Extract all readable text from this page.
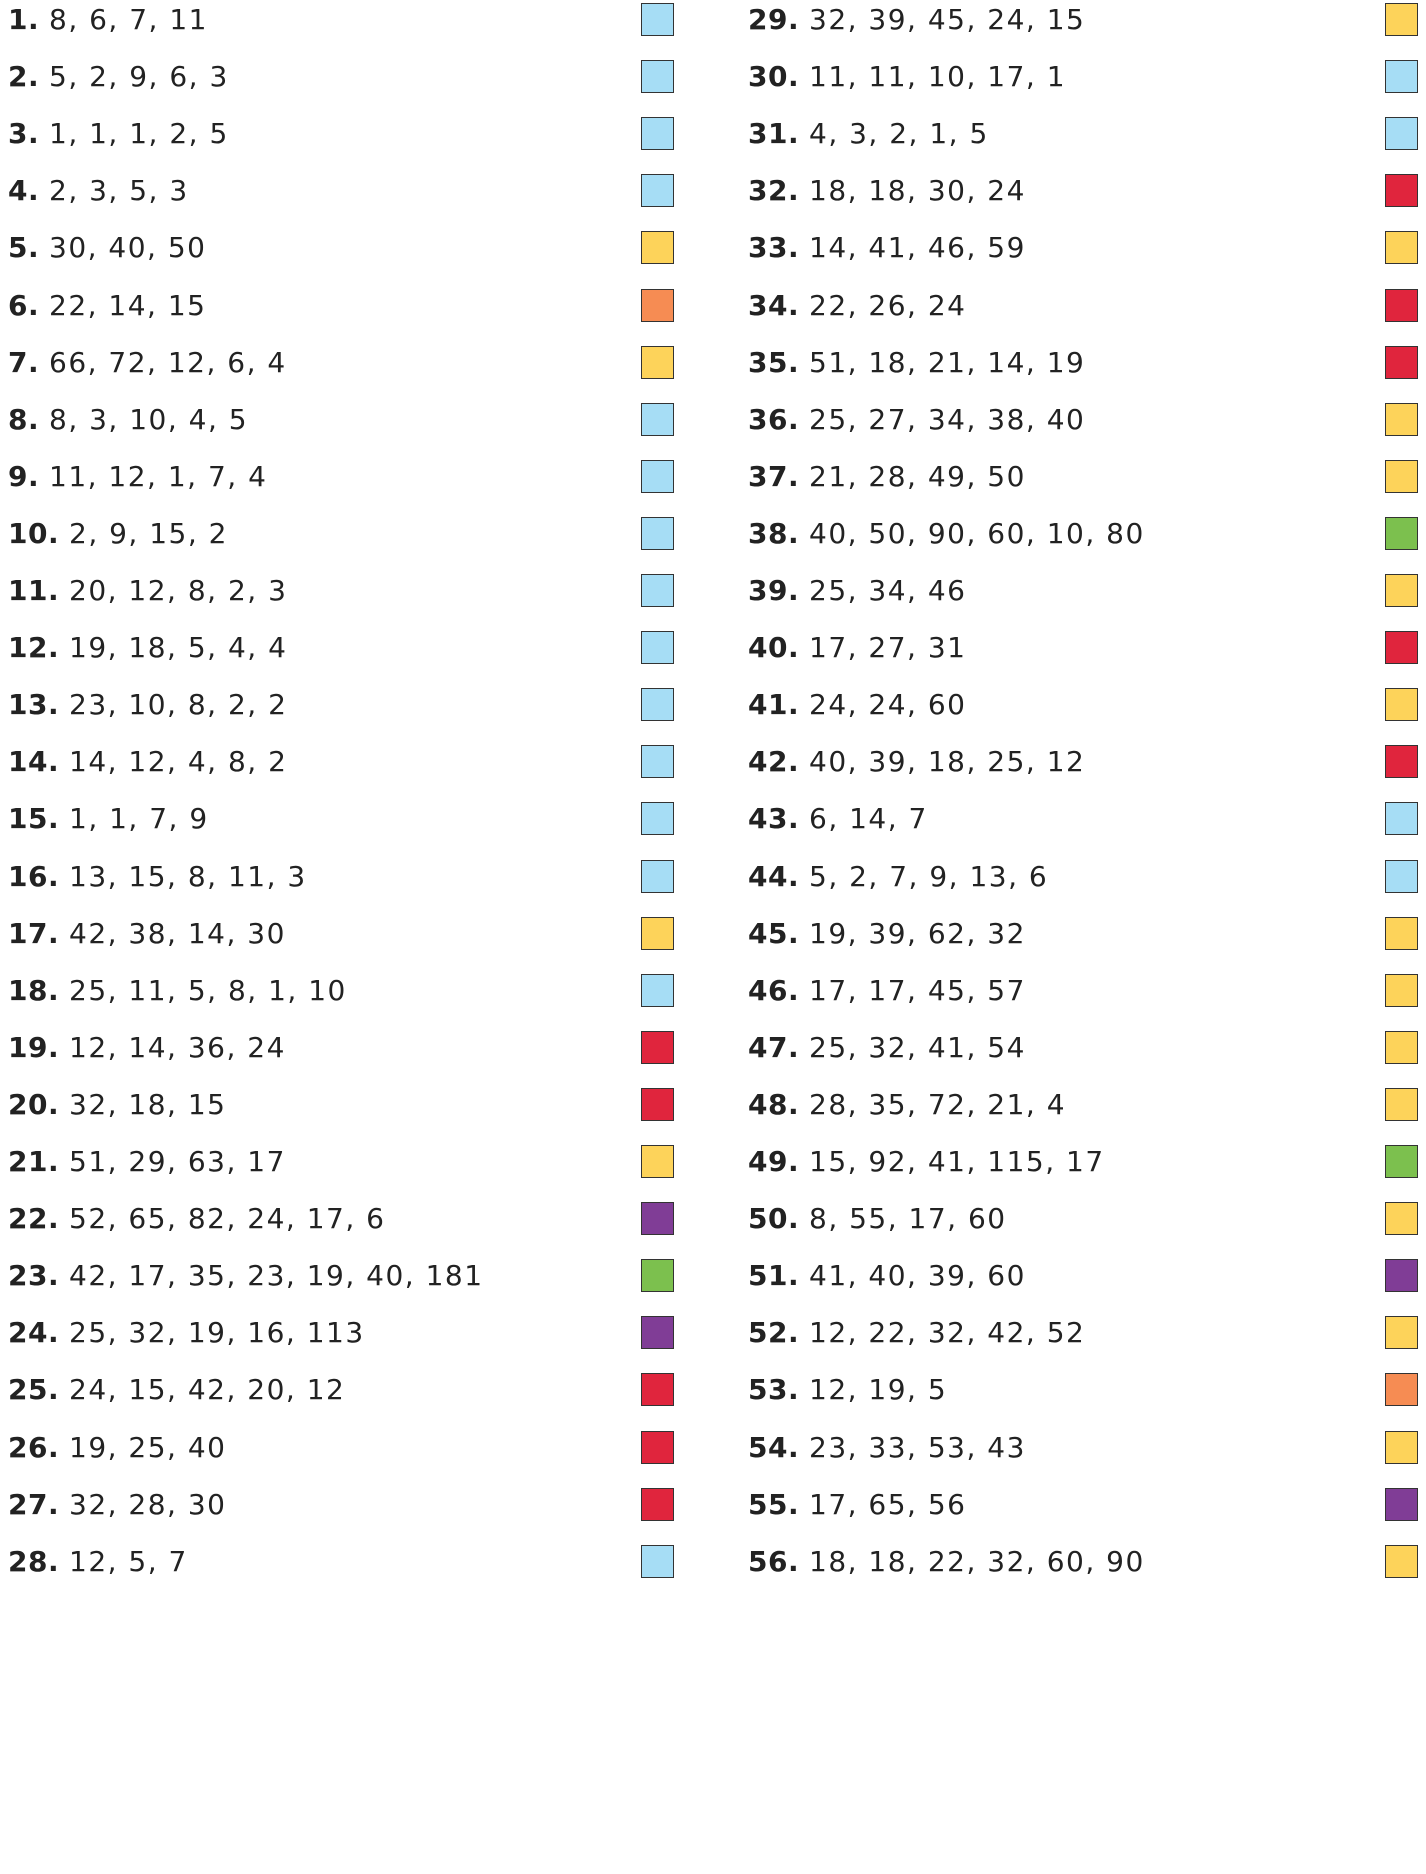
1. 8, 6, 7, 11
2. 5, 2, 9, 6, 3
3. 1, 1, 1, 2, 5
4. 2, 3, 5, 3
5. 30, 40, 50
6. 22, 14, 15
7. 66, 72, 12, 6, 4
8. 8, 3, 10, 4, 5
9. 11, 12, 1, 7, 4
10. 2, 9, 15, 2
11. 20, 12, 8, 2, 3
12. 19, 18, 5, 4, 4
13. 23, 10, 8, 2, 2
14. 14, 12, 4, 8, 2
15. 1, 1, 7, 9
16. 13, 15, 8, 11, 3
17. 42, 38, 14, 30
18. 25, 11, 5, 8, 1, 10
19. 12, 14, 36, 24
20. 32, 18, 15
21. 51, 29, 63, 17
22. 52, 65, 82, 24, 17, 6
23. 42, 17, 35, 23, 19, 40, 181
24. 25, 32, 19, 16, 113
25. 24, 15, 42, 20, 12
26. 19, 25, 40
27. 32, 28, 30
28. 12, 5, 7
29. 32, 39, 45, 24, 15
30. 11, 11, 10, 17, 1
31. 4, 3, 2, 1, 5
32. 18, 18, 30, 24
33. 14, 41, 46, 59
34. 22, 26, 24
35. 51, 18, 21, 14, 19
36. 25, 27, 34, 38, 40
37. 21, 28, 49, 50
38. 40, 50, 90, 60, 10, 80
39. 25, 34, 46
40. 17, 27, 31
41. 24, 24, 60
42. 40, 39, 18, 25, 12
43. 6, 14, 7
44. 5, 2, 7, 9, 13, 6
45. 19, 39, 62, 32
46. 17, 17, 45, 57
47. 25, 32, 41, 54
48. 28, 35, 72, 21, 4
49. 15, 92, 41, 115, 17
50. 8, 55, 17, 60
51. 41, 40, 39, 60
52. 12, 22, 32, 42, 52
53. 12, 19, 5
54. 23, 33, 53, 43
55. 17, 65, 56
56. 18, 18, 22, 32, 60, 90
